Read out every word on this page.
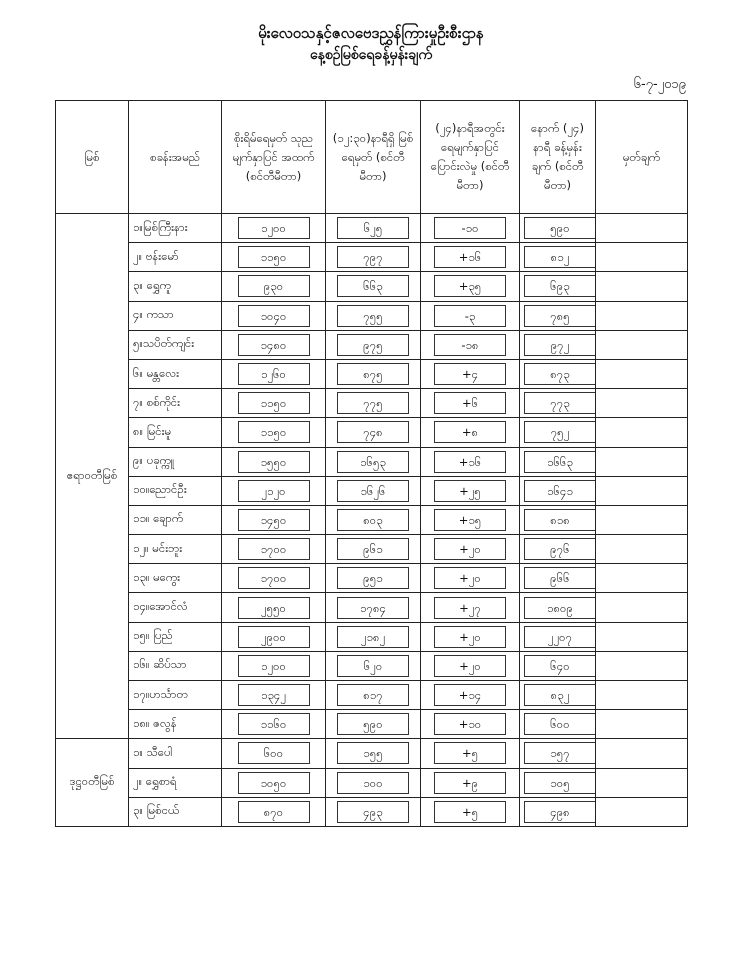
မိုးလေဝသနှင့်ဇလဗေဒညွှန်ကြားမှုဦးစီးဌာန
နေ့စဉ်မြစ်ရေခန့်မှန်းချက်
၆-၇-၂၀၁၉
မြစ်	စခန်းအမည်	စိုးရိမ်ရေမှတ် သုညမျက်နှာပြင် အထက် (စင်တီမီတာ)	(၁၂:၃၀)နာရီရှိ မြစ်ရေမှတ် (စင်တီမီတာ)	(၂၄)နာရီအတွင်း ရေမျက်နှာပြင် ပြောင်းလဲမှု (စင်တီမီတာ)	နောက် (၂၄) နာရီ ခန့်မှန်းချက် (စင်တီမီတာ)	မှတ်ချက်
ဧရာဝတီမြစ်	၁။မြစ်ကြီးနား	၁၂၀၀	၆၂၅	-၁၀	၅၉၀	
	၂။ ဗန်းမော်	၁၁၅၀	၇၉၇	+၁၆	၈၁၂	
	၃။ ရွှေကူ	၉၃၀	၆၆၃	+၃၅	၆၉၃	
	၄။ ကသာ	၁၀၄၀	၇၅၅	-၃	၇၈၅	
	၅။သပိတ်ကျင်း	၁၄၈၀	၉၇၅	-၁၈	၉၇၂	
	၆။ မန္တလေး	၁၂၆၀	၈၇၅	+၄	၈၇၃	
	၇။ စစ်ကိုင်း	၁၁၅၀	၇၇၅	+၆	၇၇၃	
	၈။ မြင်းမူ	၁၁၅၀	၇၄၈	+၈	၇၅၂	
	၉။ ပခုက္ကူ	၁၅၅၀	၁၆၅၃	+၁၆	၁၆၆၃	
	၁၀။ညောင်ဦး	၂၁၂၀	၁၆၂၆	+၂၅	၁၆၄၁	
	၁၁။ ချောက်	၁၄၅၀	၈၀၃	+၁၅	၈၁၈	
	၁၂။ မင်းဘူး	၁၇၀၀	၉၆၁	+၂၀	၉၇၆	
	၁၃။ မကွေး	၁၇၀၀	၉၅၁	+၂၀	၉၆၆	
	၁၄။အောင်လံ	၂၅၅၀	၁၇၈၄	+၂၇	၁၈၀၉	
	၁၅။ ပြည်	၂၉၀၀	၂၁၈၂	+၂၀	၂၂၀၇	
	၁၆။ ဆိပ်သာ	၁၂၀၀	၆၂၀	+၂၀	၆၄၀	
	၁၇။ဟင်္သာတ	၁၃၄၂	၈၁၇	+၁၄	၈၃၂	
	၁၈။ ဇလွန်	၁၁၆၀	၅၉၀	+၁၀	၆၀၀	
ဒုဋ္ဌဝတီမြစ်	၁။ သီပေါ	၆၀၀	၁၅၅	+၅	၁၅၇	
	၂။ ရွှေစာရံ	၁၀၅၀	၁၀၀	+၉	၁၀၅	
	၃။ မြစ်ငယ်	၈၇၀	၄၉၃	+၅	၄၉၈	
